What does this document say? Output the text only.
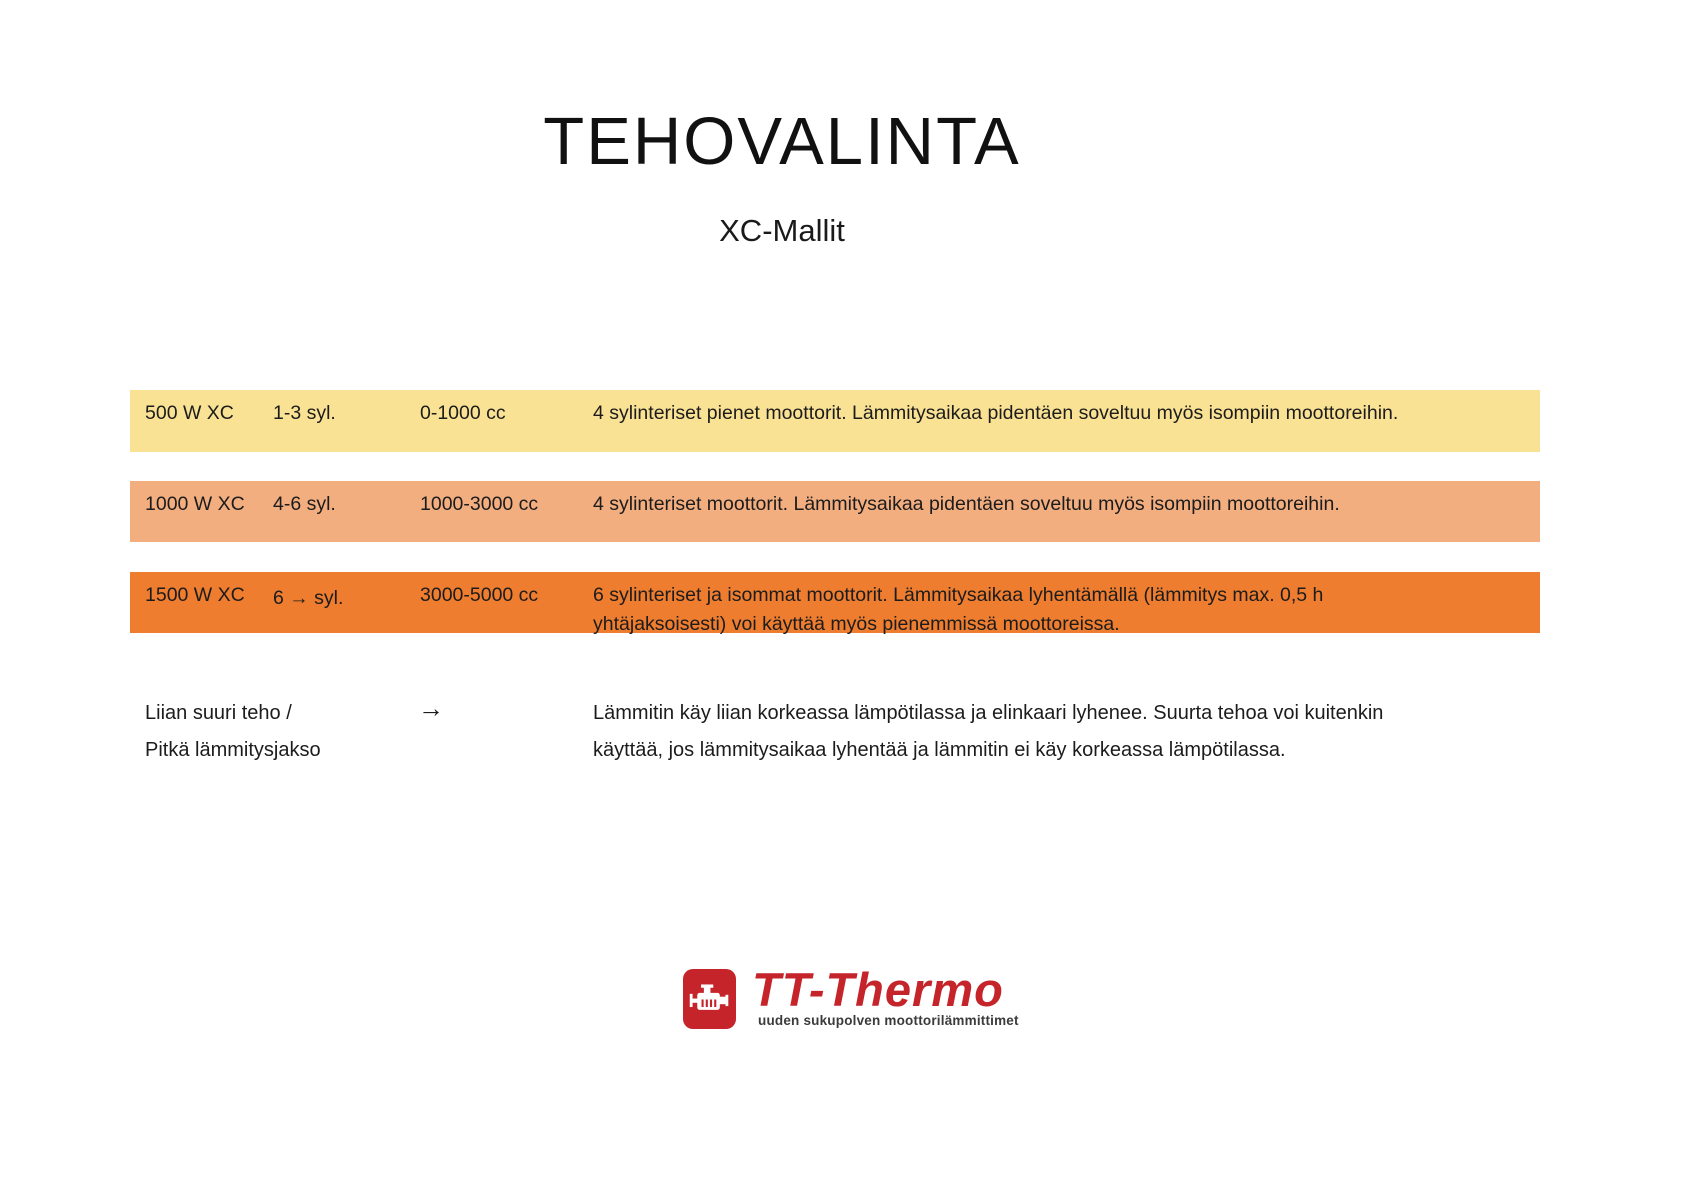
TEHOVALINTA
XC-Mallit
500 W XC	1-3 syl.	0-1000 cc	4 sylinteriset pienet moottorit. Lämmitysaikaa pidentäen soveltuu myös isompiin moottoreihin.
1000 W XC	4-6 syl.	1000-3000 cc	4 sylinteriset moottorit. Lämmitysaikaa pidentäen soveltuu myös isompiin moottoreihin.
1500 W XC	6 → syl.	3000-5000 cc	6 sylinteriset ja isommat moottorit. Lämmitysaikaa lyhentämällä (lämmitys max. 0,5 h yhtäjaksoisesti) voi käyttää myös pienemmissä moottoreissa.
Liian suuri teho /
Pitkä lämmitysjakso
→	Lämmitin käy liian korkeassa lämpötilassa ja elinkaari lyhenee. Suurta tehoa voi kuitenkin käyttää, jos lämmitysaikaa lyhentää ja lämmitin ei käy korkeassa lämpötilassa.
TT-Thermo
uuden sukupolven moottorilämmittimet
